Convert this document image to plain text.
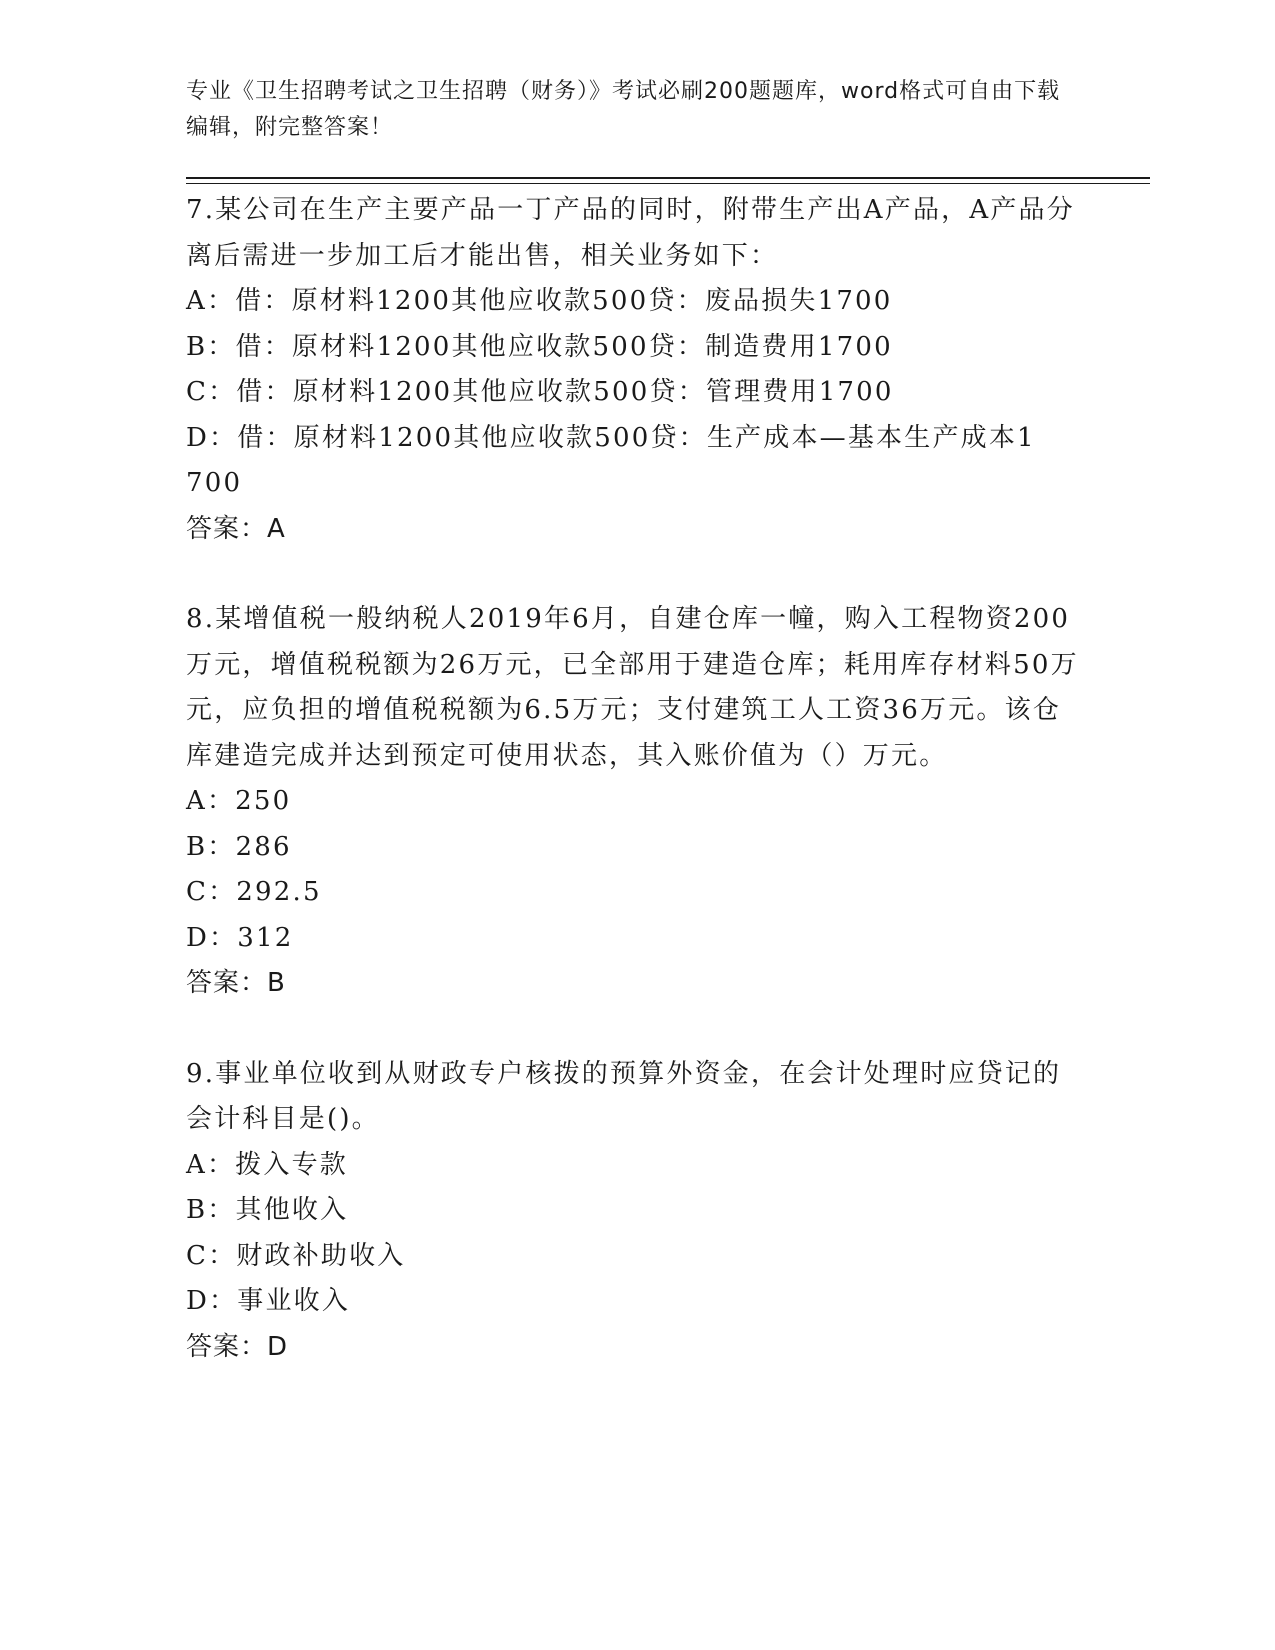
专业《卫生招聘考试之卫生招聘（财务）》考试必刷200题题库，word格式可自由下载编辑，附完整答案！
7.某公司在生产主要产品一丁产品的同时，附带生产出A产品，A产品分离后需进一步加工后才能出售，相关业务如下：
A：借：原材料1200其他应收款500贷：废品损失1700
B：借：原材料1200其他应收款500贷：制造费用1700
C：借：原材料1200其他应收款500贷：管理费用1700
D：借：原材料1200其他应收款500贷：生产成本—基本生产成本1700
答案：A
8.某增值税一般纳税人2019年6月，自建仓库一幢，购入工程物资200万元，增值税税额为26万元，已全部用于建造仓库；耗用库存材料50万元，应负担的增值税税额为6.5万元；支付建筑工人工资36万元。该仓库建造完成并达到预定可使用状态，其入账价值为（）万元。
A：250
B：286
C：292.5
D：312
答案：B
9.事业单位收到从财政专户核拨的预算外资金，在会计处理时应贷记的会计科目是()。
A：拨入专款
B：其他收入
C：财政补助收入
D：事业收入
答案：D
